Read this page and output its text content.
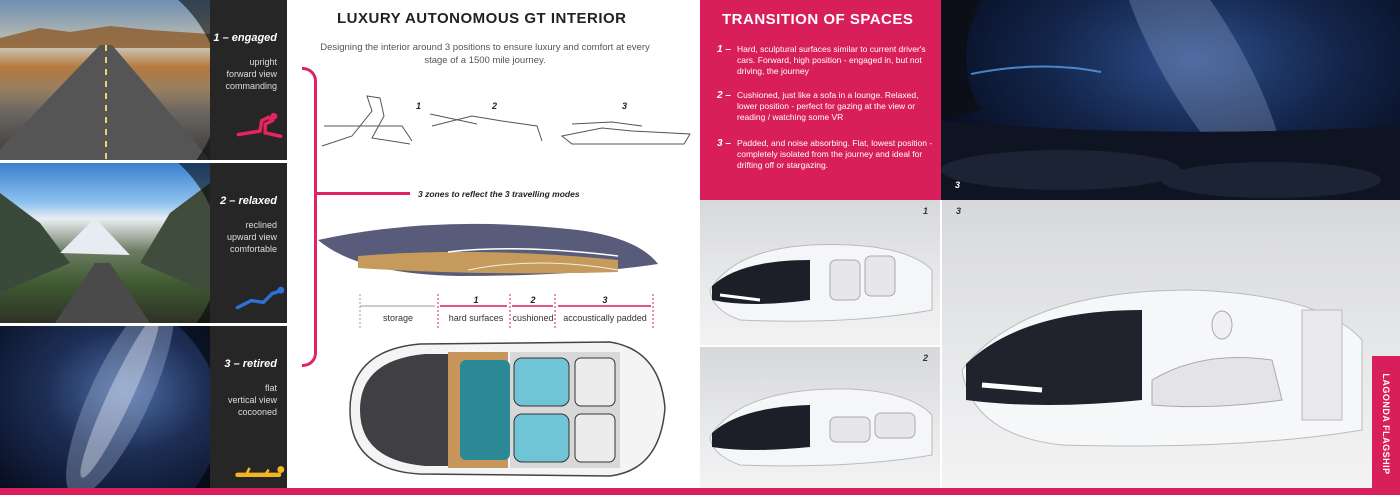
1 – engaged
upright
forward view
commanding
2 – relaxed
reclined
upward view
comfortable
3 – retired
flat
vertical view
cocooned
LUXURY AUTONOMOUS GT INTERIOR
Designing the interior around 3 positions to ensure luxury and comfort at every
stage of a 1500 mile journey.
1	2	3
3 zones to reflect the 3 travelling modes
storage
1
hard surfaces
2
cushioned
3
accoustically padded
TRANSITION OF SPACES
1 – Hard, sculptural surfaces similar to current driver's cars. Forward, high position - engaged in, but not driving, the journey
2 – Cushioned, just like a sofa in a lounge. Relaxed, lower position - perfect for gazing at the view or reading / watching some VR
3 – Padded, and noise absorbing. Flat, lowest position - completely isolated from the journey and ideal for drifting off or stargazing.
3
1
2
3
LAGONDA FLAGSHIP
